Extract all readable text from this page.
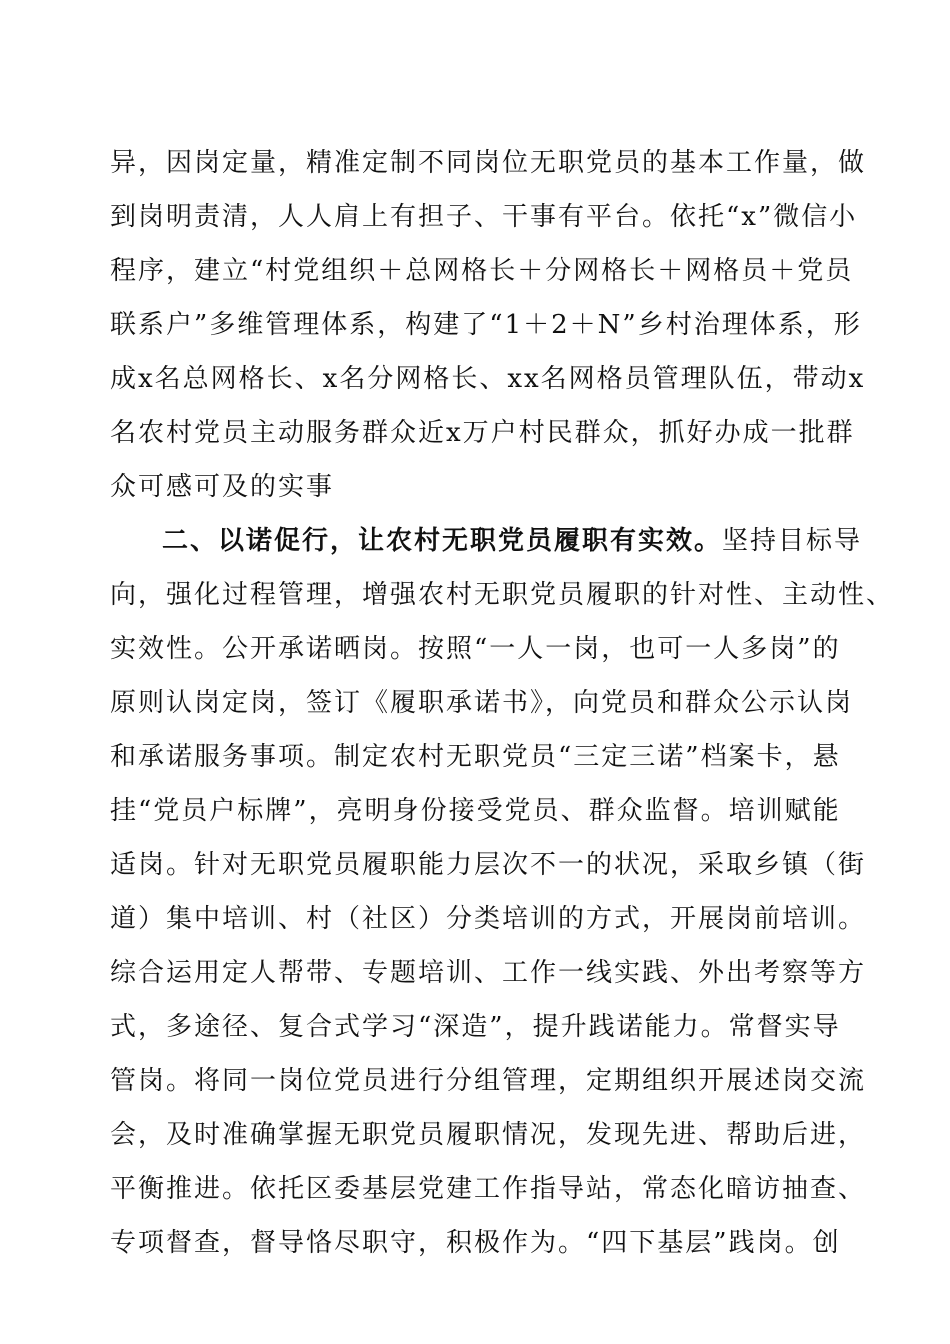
异，因岗定量，精准定制不同岗位无职党员的基本工作量，做
到岗明责清，人人肩上有担子、干事有平台。依托“x”微信小
程序，建立“村党组织＋总网格长＋分网格长＋网格员＋党员
联系户”多维管理体系，构建了“1＋2＋N”乡村治理体系，形
成x名总网格长、x名分网格长、xx名网格员管理队伍，带动x
名农村党员主动服务群众近x万户村民群众，抓好办成一批群
众可感可及的实事
二、以诺促行，让农村无职党员履职有实效。坚持目标导
向，强化过程管理，增强农村无职党员履职的针对性、主动性、
实效性。公开承诺晒岗。按照“一人一岗，也可一人多岗”的
原则认岗定岗，签订《履职承诺书》，向党员和群众公示认岗
和承诺服务事项。制定农村无职党员“三定三诺”档案卡，悬
挂“党员户标牌”，亮明身份接受党员、群众监督。培训赋能
适岗。针对无职党员履职能力层次不一的状况，采取乡镇（街
道）集中培训、村（社区）分类培训的方式，开展岗前培训。
综合运用定人帮带、专题培训、工作一线实践、外出考察等方
式，多途径、复合式学习“深造”，提升践诺能力。常督实导
管岗。将同一岗位党员进行分组管理，定期组织开展述岗交流
会，及时准确掌握无职党员履职情况，发现先进、帮助后进，
平衡推进。依托区委基层党建工作指导站，常态化暗访抽查、
专项督查，督导恪尽职守，积极作为。“四下基层”践岗。创
